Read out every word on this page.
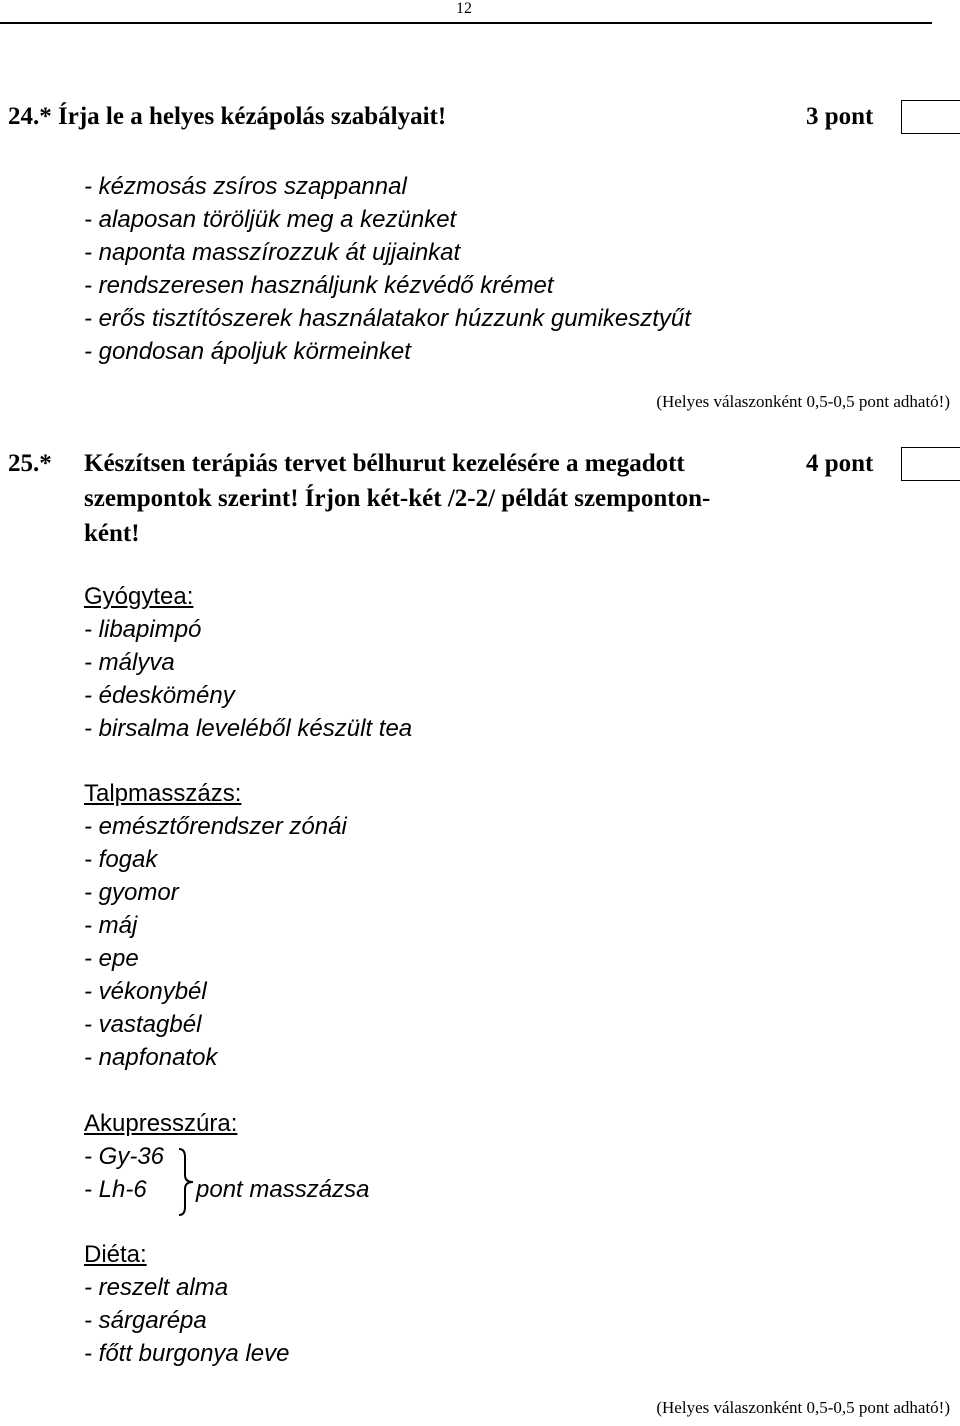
12
24.* Írja le a helyes kézápolás szabályait!	3 pont
- kézmosás zsíros szappannal
- alaposan töröljük meg a kezünket
- naponta masszírozzuk át ujjainkat
- rendszeresen használjunk kézvédő krémet
- erős tisztítószerek használatakor húzzunk gumikesztyűt
- gondosan ápoljuk körmeinket
(Helyes válaszonként 0,5-0,5 pont adható!)
25.* Készítsen terápiás tervet bélhurut kezelésére a megadott
szempontok szerint! Írjon két-két /2-2/ példát szemponton-
ként!
4 pont
Gyógytea:
- libapimpó
- mályva
- édeskömény
- birsalma leveléből készült tea
Talpmasszázs:
- emésztőrendszer zónái
- fogak
- gyomor
- máj
- epe
- vékonybél
- vastagbél
- napfonatok
Akupresszúra:
- Gy-36
- Lh-6 pont masszázsa
Diéta:
- reszelt alma
- sárgarépa
- főtt burgonya leve
(Helyes válaszonként 0,5-0,5 pont adható!)
